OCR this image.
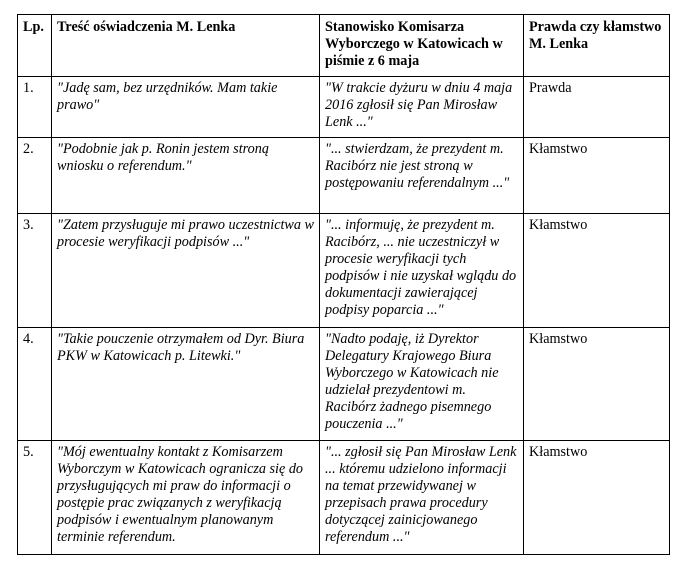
Lp.	Treść oświadczenia M. Lenka	Stanowisko Komisarza Wyborczego w Katowicach w piśmie z 6 maja	Prawda czy kłamstwo M. Lenka
1.	"Jadę sam, bez urzędników. Mam takie prawo"	"W trakcie dyżuru w dniu 4 maja 2016 zgłosił się Pan Mirosław Lenk ..."	Prawda
2.	"Podobnie jak p. Ronin jestem stroną wniosku o referendum."	"... stwierdzam, że prezydent m. Racibórz nie jest stroną w postępowaniu referendalnym ..."	Kłamstwo
3.	"Zatem przysługuje mi prawo uczestnictwa w procesie weryfikacji podpisów ..."	"... informuję, że prezydent m. Racibórz, ... nie uczestniczył w procesie weryfikacji tych podpisów i nie uzyskał wglądu do dokumentacji zawierającej podpisy poparcia ..."	Kłamstwo
4.	"Takie pouczenie otrzymałem od Dyr. Biura PKW w Katowicach p. Litewki."	"Nadto podaję, iż Dyrektor Delegatury Krajowego Biura Wyborczego w Katowicach nie udzielał prezydentowi m. Racibórz żadnego pisemnego pouczenia ..."	Kłamstwo
5.	"Mój ewentualny kontakt z Komisarzem Wyborczym w Katowicach ogranicza się do przysługujących mi praw do informacji o postępie prac związanych z weryfikacją podpisów i ewentualnym planowanym terminie referendum.	"... zgłosił się Pan Mirosław Lenk ... któremu udzielono informacji na temat przewidywanej w przepisach prawa procedury dotyczącej zainicjowanego referendum ..."	Kłamstwo
